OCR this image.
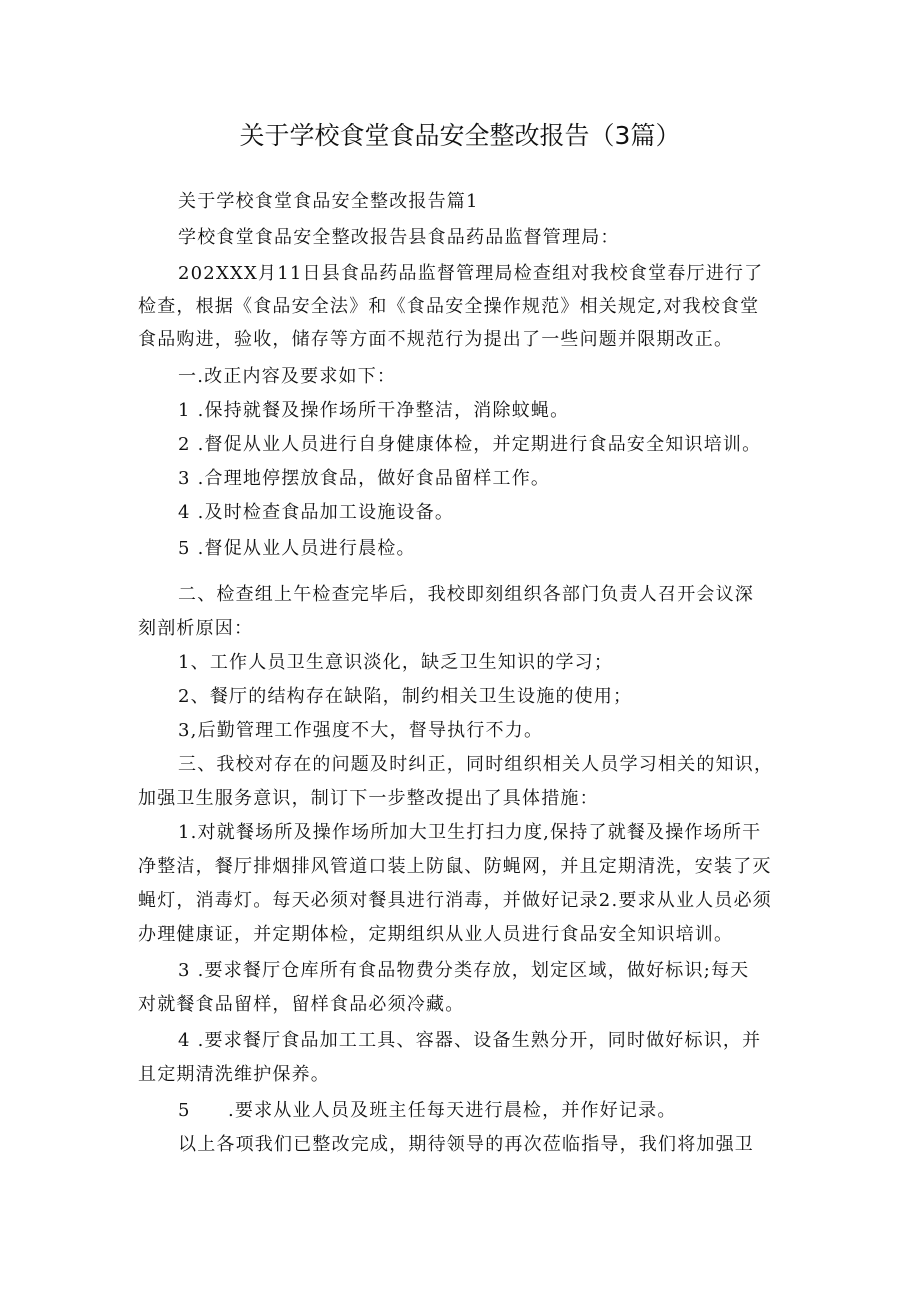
关于学校食堂食品安全整改报告（3篇）
关于学校食堂食品安全整改报告篇1
学校食堂食品安全整改报告县食品药品监督管理局：
202XXX月11日县食品药品监督管理局检查组对我校食堂春厅进行了
检查，根据《食品安全法》和《食品安全操作规范》相关规定,对我校食堂
食品购进，验收，储存等方面不规范行为提出了一些问题并限期改正。
一.改正内容及要求如下：
1 .保持就餐及操作场所干净整洁，消除蚊蝇。
2 .督促从业人员进行自身健康体检，并定期进行食品安全知识培训。
3 .合理地停摆放食品，做好食品留样工作。
4 .及时检查食品加工设施设备。
5 .督促从业人员进行晨检。
二、检查组上午检查完毕后，我校即刻组织各部门负责人召开会议深
刻剖析原因：
1、工作人员卫生意识淡化，缺乏卫生知识的学习；
2、餐厅的结构存在缺陷，制约相关卫生设施的使用；
3,后勤管理工作强度不大，督导执行不力。
三、我校对存在的问题及时纠正，同时组织相关人员学习相关的知识，
加强卫生服务意识，制订下一步整改提出了具体措施：
1.对就餐场所及操作场所加大卫生打扫力度,保持了就餐及操作场所干
净整洁，餐厅排烟排风管道口装上防鼠、防蝇网，并且定期清洗，安装了灭
蝇灯，消毒灯。每天必须对餐具进行消毒，并做好记录2.要求从业人员必须
办理健康证，并定期体检，定期组织从业人员进行食品安全知识培训。
3 .要求餐厅仓库所有食品物费分类存放，划定区域，做好标识;每天
对就餐食品留样，留样食品必须冷藏。
4 .要求餐厅食品加工工具、容器、设备生熟分开，同时做好标识，并
且定期清洗维护保养。
5 .要求从业人员及班主任每天进行晨检，并作好记录。
以上各项我们已整改完成，期待领导的再次莅临指导，我们将加强卫
